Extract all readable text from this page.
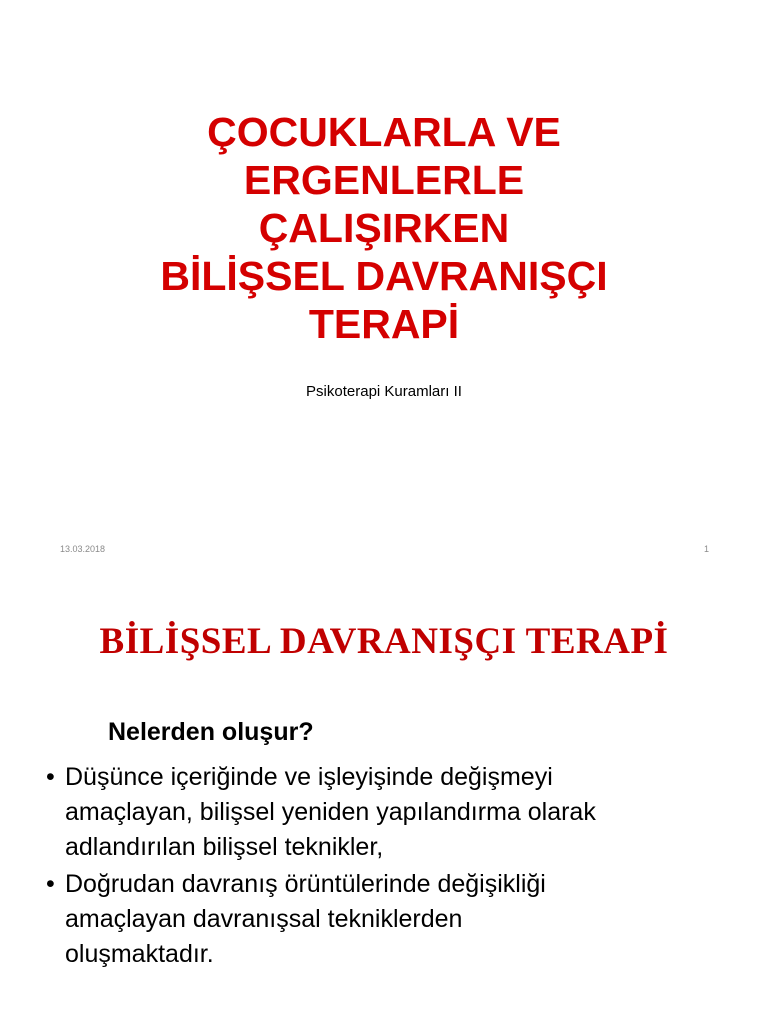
ÇOCUKLARLA VE
ERGENLERLE
ÇALIŞIRKEN
BİLİŞSEL DAVRANIŞÇI
TERAPİ
Psikoterapi Kuramları II
13.03.2018	1
BİLİŞSEL DAVRANIŞÇI TERAPİ
Nelerden oluşur?
• Düşünce içeriğinde ve işleyişinde değişmeyi
amaçlayan, bilişsel yeniden yapılandırma olarak
adlandırılan bilişsel teknikler,
• Doğrudan davranış örüntülerinde değişikliği
amaçlayan davranışsal tekniklerden
oluşmaktadır.
